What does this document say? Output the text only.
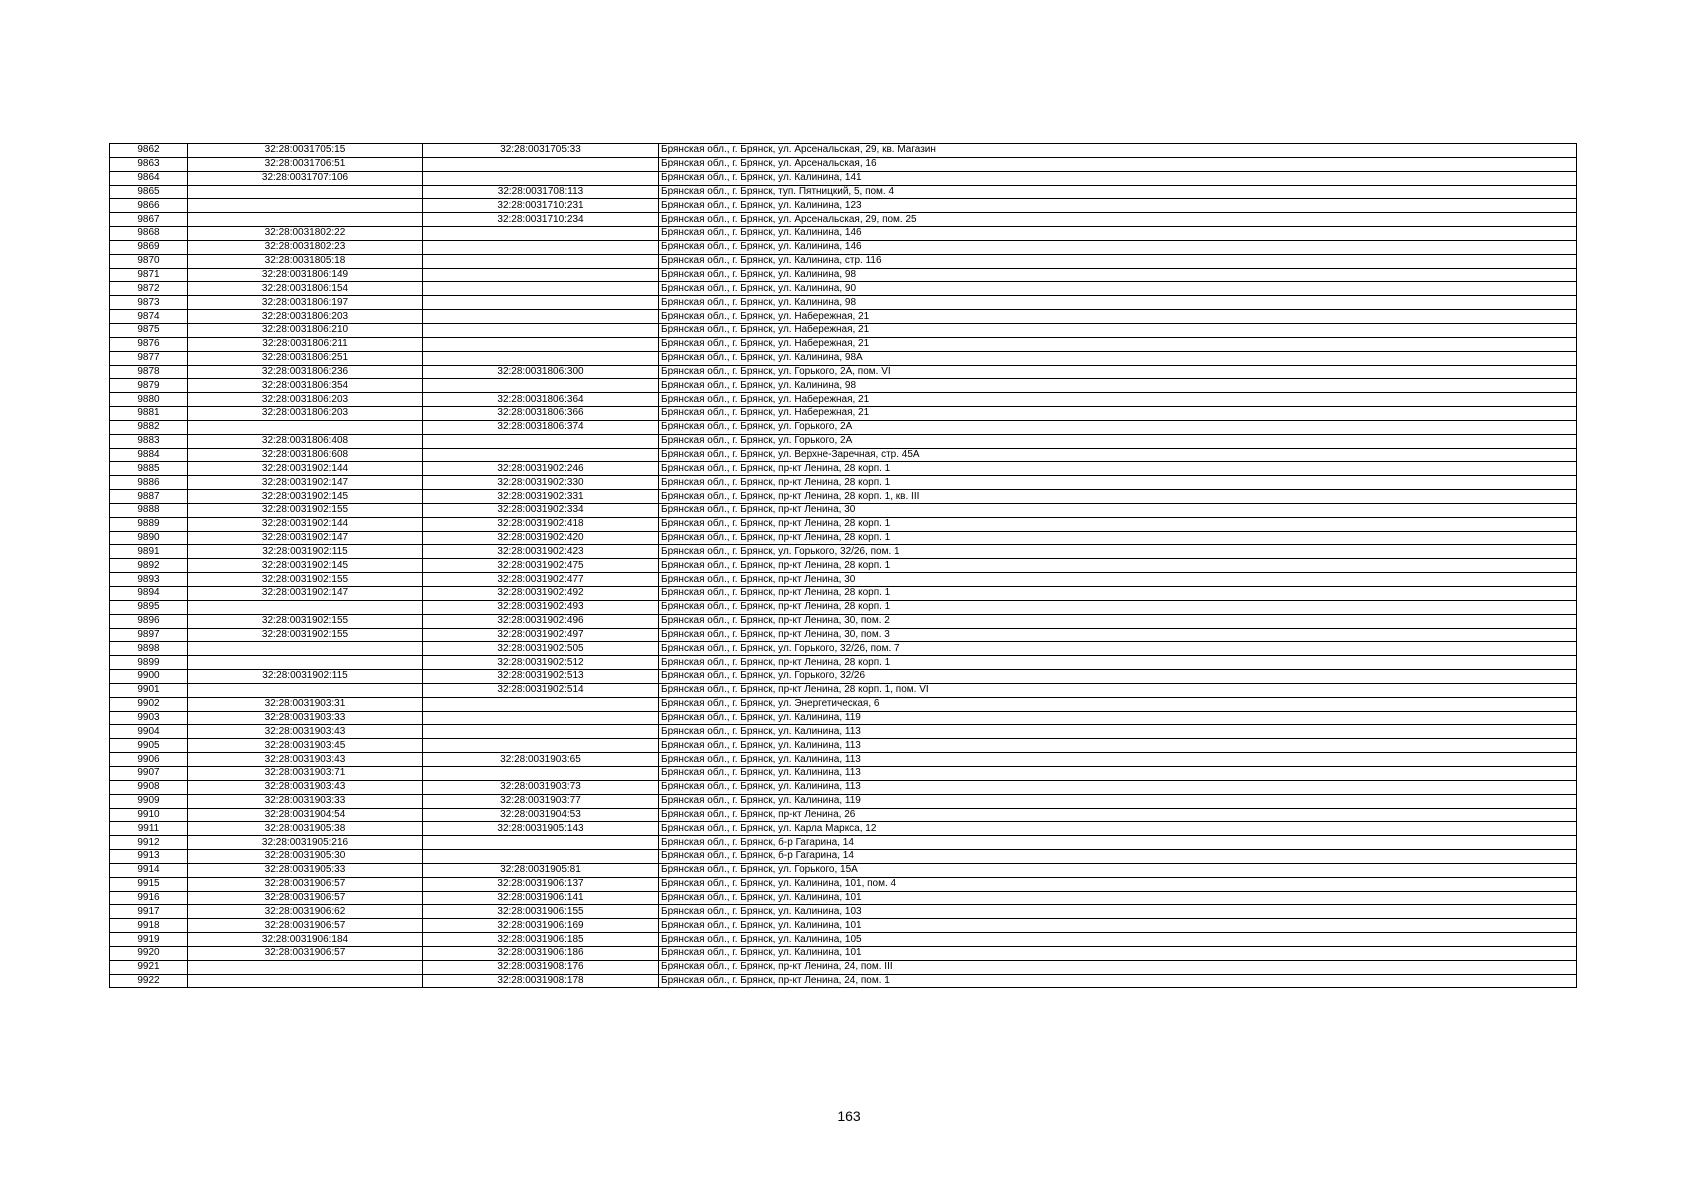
9862	32:28:0031705:15	32:28:0031705:33	Брянская обл., г. Брянск, ул. Арсенальская, 29, кв. Магазин
9863	32:28:0031706:51		Брянская обл., г. Брянск, ул. Арсенальская, 16
9864	32:28:0031707:106		Брянская обл., г. Брянск, ул. Калинина, 141
9865		32:28:0031708:113	Брянская обл., г. Брянск, туп. Пятницкий, 5, пом. 4
9866		32:28:0031710:231	Брянская обл., г. Брянск, ул. Калинина, 123
9867		32:28:0031710:234	Брянская обл., г. Брянск, ул. Арсенальская, 29, пом. 25
9868	32:28:0031802:22		Брянская обл., г. Брянск, ул. Калинина, 146
9869	32:28:0031802:23		Брянская обл., г. Брянск, ул. Калинина, 146
9870	32:28:0031805:18		Брянская обл., г. Брянск, ул. Калинина, стр. 116
9871	32:28:0031806:149		Брянская обл., г. Брянск, ул. Калинина, 98
9872	32:28:0031806:154		Брянская обл., г. Брянск, ул. Калинина, 90
9873	32:28:0031806:197		Брянская обл., г. Брянск, ул. Калинина, 98
9874	32:28:0031806:203		Брянская обл., г. Брянск, ул. Набережная, 21
9875	32:28:0031806:210		Брянская обл., г. Брянск, ул. Набережная, 21
9876	32:28:0031806:211		Брянская обл., г. Брянск, ул. Набережная, 21
9877	32:28:0031806:251		Брянская обл., г. Брянск, ул. Калинина, 98А
9878	32:28:0031806:236	32:28:0031806:300	Брянская обл., г. Брянск, ул. Горького, 2А, пом. VI
9879	32:28:0031806:354		Брянская обл., г. Брянск, ул. Калинина, 98
9880	32:28:0031806:203	32:28:0031806:364	Брянская обл., г. Брянск, ул. Набережная, 21
9881	32:28:0031806:203	32:28:0031806:366	Брянская обл., г. Брянск, ул. Набережная, 21
9882		32:28:0031806:374	Брянская обл., г. Брянск, ул. Горького, 2А
9883	32:28:0031806:408		Брянская обл., г. Брянск, ул. Горького, 2А
9884	32:28:0031806:608		Брянская обл., г. Брянск, ул. Верхне-Заречная, стр. 45А
9885	32:28:0031902:144	32:28:0031902:246	Брянская обл., г. Брянск, пр-кт Ленина, 28 корп. 1
9886	32:28:0031902:147	32:28:0031902:330	Брянская обл., г. Брянск, пр-кт Ленина, 28 корп. 1
9887	32:28:0031902:145	32:28:0031902:331	Брянская обл., г. Брянск, пр-кт Ленина, 28 корп. 1, кв. III
9888	32:28:0031902:155	32:28:0031902:334	Брянская обл., г. Брянск, пр-кт Ленина, 30
9889	32:28:0031902:144	32:28:0031902:418	Брянская обл., г. Брянск, пр-кт Ленина, 28 корп. 1
9890	32:28:0031902:147	32:28:0031902:420	Брянская обл., г. Брянск, пр-кт Ленина, 28 корп. 1
9891	32:28:0031902:115	32:28:0031902:423	Брянская обл., г. Брянск, ул. Горького, 32/26, пом. 1
9892	32:28:0031902:145	32:28:0031902:475	Брянская обл., г. Брянск, пр-кт Ленина, 28 корп. 1
9893	32:28:0031902:155	32:28:0031902:477	Брянская обл., г. Брянск, пр-кт Ленина, 30
9894	32:28:0031902:147	32:28:0031902:492	Брянская обл., г. Брянск, пр-кт Ленина, 28 корп. 1
9895		32:28:0031902:493	Брянская обл., г. Брянск, пр-кт Ленина, 28 корп. 1
9896	32:28:0031902:155	32:28:0031902:496	Брянская обл., г. Брянск, пр-кт Ленина, 30, пом. 2
9897	32:28:0031902:155	32:28:0031902:497	Брянская обл., г. Брянск, пр-кт Ленина, 30, пом. 3
9898		32:28:0031902:505	Брянская обл., г. Брянск, ул. Горького, 32/26, пом. 7
9899		32:28:0031902:512	Брянская обл., г. Брянск, пр-кт Ленина, 28 корп. 1
9900	32:28:0031902:115	32:28:0031902:513	Брянская обл., г. Брянск, ул. Горького, 32/26
9901		32:28:0031902:514	Брянская обл., г. Брянск, пр-кт Ленина, 28 корп. 1, пом. VI
9902	32:28:0031903:31		Брянская обл., г. Брянск, ул. Энергетическая, 6
9903	32:28:0031903:33		Брянская обл., г. Брянск, ул. Калинина, 119
9904	32:28:0031903:43		Брянская обл., г. Брянск, ул. Калинина, 113
9905	32:28:0031903:45		Брянская обл., г. Брянск, ул. Калинина, 113
9906	32:28:0031903:43	32:28:0031903:65	Брянская обл., г. Брянск, ул. Калинина, 113
9907	32:28:0031903:71		Брянская обл., г. Брянск, ул. Калинина, 113
9908	32:28:0031903:43	32:28:0031903:73	Брянская обл., г. Брянск, ул. Калинина, 113
9909	32:28:0031903:33	32:28:0031903:77	Брянская обл., г. Брянск, ул. Калинина, 119
9910	32:28:0031904:54	32:28:0031904:53	Брянская обл., г. Брянск, пр-кт Ленина, 26
9911	32:28:0031905:38	32:28:0031905:143	Брянская обл., г. Брянск, ул. Карла Маркса, 12
9912	32:28:0031905:216		Брянская обл., г. Брянск, б-р Гагарина, 14
9913	32:28:0031905:30		Брянская обл., г. Брянск, б-р Гагарина, 14
9914	32:28:0031905:33	32:28:0031905:81	Брянская обл., г. Брянск, ул. Горького, 15А
9915	32:28:0031906:57	32:28:0031906:137	Брянская обл., г. Брянск, ул. Калинина, 101, пом. 4
9916	32:28:0031906:57	32:28:0031906:141	Брянская обл., г. Брянск, ул. Калинина, 101
9917	32:28:0031906:62	32:28:0031906:155	Брянская обл., г. Брянск, ул. Калинина, 103
9918	32:28:0031906:57	32:28:0031906:169	Брянская обл., г. Брянск, ул. Калинина, 101
9919	32:28:0031906:184	32:28:0031906:185	Брянская обл., г. Брянск, ул. Калинина, 105
9920	32:28:0031906:57	32:28:0031906:186	Брянская обл., г. Брянск, ул. Калинина, 101
9921		32:28:0031908:176	Брянская обл., г. Брянск, пр-кт Ленина, 24, пом. III
9922		32:28:0031908:178	Брянская обл., г. Брянск, пр-кт Ленина, 24, пом. 1
163
